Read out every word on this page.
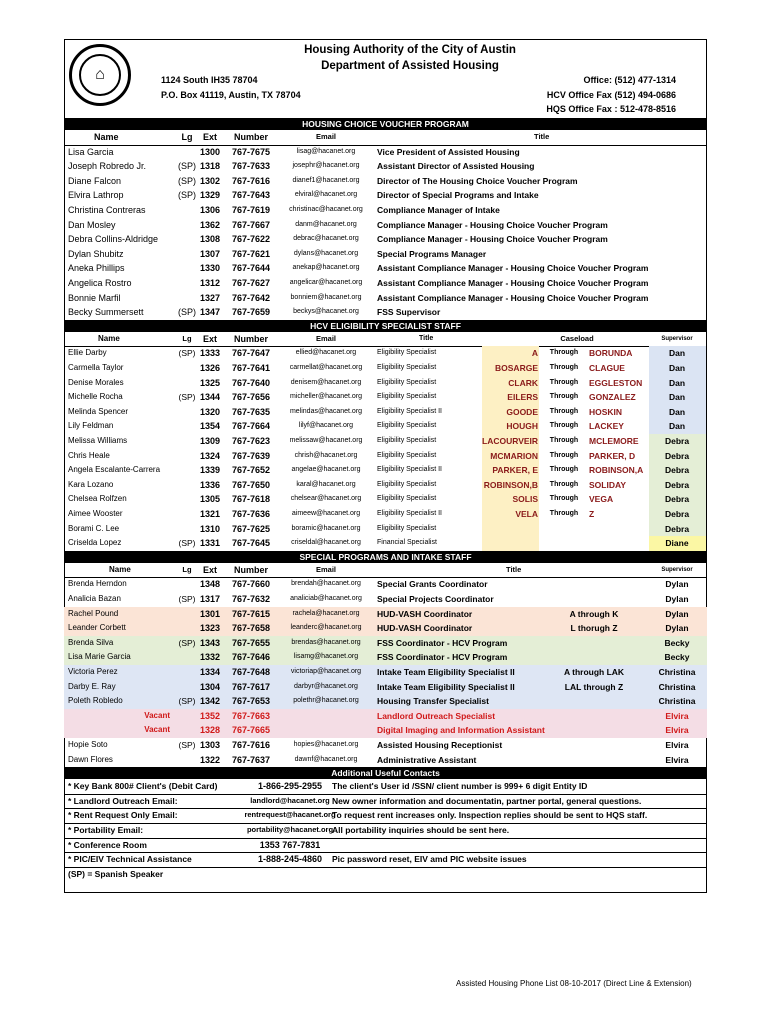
⌂
Housing Authority of the City of Austin
Department of Assisted Housing
1124 South IH35 78704
P.O. Box 41119, Austin, TX 78704
Office: (512) 477-1314
HCV Office Fax (512) 494-0686
HQS Office Fax : 512-478-8516
HOUSING CHOICE VOUCHER PROGRAM
Name	Lg	Ext	Number	Email	Title
Lisa Garcia	1300	767-7675	lisag@hacanet.org	Vice President of Assisted Housing
Joseph Robredo Jr.	(SP) 1318	767-7633	josephr@hacanet.org	Assistant Director of Assisted Housing
Diane Falcon	(SP) 1302	767-7616	dianef1@hacanet.org	Director of The Housing Choice Voucher Program
Elvira Lathrop	(SP) 1329	767-7643	elviral@hacanet.org	Director of Special Programs and Intake
Christina Contreras	1306	767-7619	christinac@hacanet.org	Compliance Manager of Intake
Dan Mosley	1362	767-7667	danm@hacanet.org	Compliance Manager - Housing Choice Voucher Program
Debra Collins-Aldridge	1308	767-7622	debrac@hacanet.org	Compliance Manager - Housing Choice Voucher Program
Dylan Shubitz	1307	767-7621	dylans@hacanet.org	Special Programs Manager
Aneka Phillips	1330	767-7644	anekap@hacanet.org	Assistant Compliance Manager - Housing Choice Voucher Program
Angelica Rostro	1312	767-7627	angelicar@hacanet.org	Assistant Compliance Manager - Housing Choice Voucher Program
Bonnie Marfil	1327	767-7642	bonniem@hacanet.org	Assistant Compliance Manager - Housing Choice Voucher Program
Becky Summersett	(SP) 1347	767-7659	beckys@hacanet.org	FSS Supervisor
HCV ELIGIBILITY SPECIALIST STAFF
Name	Lg	Ext	Number	Email	Title	Caseload	Supervisor
Ellie Darby	(SP) 1333	767-7647	ellied@hacanet.org	Eligibility Specialist	A	Through	BORUNDA	Dan
Carmella Taylor	1326	767-7641	carmellat@hacanet.org	Eligibility Specialist	BOSARGE	Through	CLAGUE	Dan
Denise Morales	1325	767-7640	denisem@hacanet.org	Eligibility Specialist	CLARK	Through	EGGLESTON	Dan
Michelle Rocha	(SP) 1344	767-7656	micheller@hacanet.org	Eligibility Specialist	EILERS	Through	GONZALEZ	Dan
Melinda Spencer	1320	767-7635	melindas@hacanet.org	Eligibility Specialist II	GOODE	Through	HOSKIN	Dan
Lily Feldman	1354	767-7664	lilyf@hacanet.org	Eligibility Specialist	HOUGH	Through	LACKEY	Dan
Melissa Williams	1309	767-7623	melissaw@hacanet.org	Eligibility Specialist	LACOURVEIR	Through	MCLEMORE	Debra
Chris Heale	1324	767-7639	chrish@hacanet.org	Eligibility Specialist	MCMARION	Through	PARKER, D	Debra
Angela Escalante-Carrera	1339	767-7652	angelae@hacanet.org	Eligibility Specialist II	PARKER, E	Through	ROBINSON,A	Debra
Kara Lozano	1336	767-7650	karal@hacanet.org	Eligibility Specialist	ROBINSON,B	Through	SOLIDAY	Debra
Chelsea Rolfzen	1305	767-7618	chelsear@hacanet.org	Eligibility Specialist	SOLIS	Through	VEGA	Debra
Aimee Wooster	1321	767-7636	aimeew@hacanet.org	Eligibility Specialist II	VELA	Through	Z	Debra
Borami C. Lee	1310	767-7625	boramic@hacanet.org	Eligibility Specialist	Debra
Criselda Lopez	(SP) 1331	767-7645	criseldal@hacanet.org	Financial Specialist	Diane
SPECIAL PROGRAMS AND INTAKE STAFF
Name	Lg	Ext	Number	Email	Title	Supervisor
Brenda Herndon	1348	767-7660	brendah@hacanet.org	Special Grants Coordinator	Dylan
Analicia Bazan	(SP) 1317	767-7632	analiciab@hacanet.org	Special Projects Coordinator	Dylan
Rachel Pound	1301	767-7615	rachela@hacanet.org	HUD-VASH Coordinator	A through K	Dylan
Leander Corbett	1323	767-7658	leanderc@hacanet.org	HUD-VASH Coordinator	L thorugh Z	Dylan
Brenda Silva	(SP) 1343	767-7655	brendas@hacanet.org	FSS Coordinator - HCV Program	Becky
Lisa Marie Garcia	1332	767-7646	lisamg@hacanet.org	FSS Coordinator - HCV Program	Becky
Victoria Perez	1334	767-7648	victoriap@hacanet.org	Intake Team Eligibility Specialist II	A through LAK	Christina
Darby E. Ray	1304	767-7617	darbyr@hacanet.org	Intake Team Eligibility Specialist II	LAL through Z	Christina
Poleth Robledo	(SP) 1342	767-7653	polethr@hacanet.org	Housing Transfer Specialist	Christina
Vacant	1352	767-7663	Landlord Outreach Specialist	Elvira
Vacant	1328	767-7665	Digital Imaging and Information Assistant	Elvira
Hopie Soto	(SP) 1303	767-7616	hopies@hacanet.org	Assisted Housing Receptionist	Elvira
Dawn Flores	1322	767-7637	dawnf@hacanet.org	Administrative Assistant	Elvira
Additional Useful Contacts
* Key Bank 800# Client's (Debit Card)	1-866-295-2955	The client's User id /SSN/ client number is 999+ 6 digit Entity ID
* Landlord Outreach Email:	landlord@hacanet.org New owner information and documentatin, partner portal, general questions.
* Rent Request Only Email:	rentrequest@hacanet.org
To request rent increases only. Inspection replies should be sent to HQS staff.
* Portability Email:	portability@hacanet.org
All portability inquiries should be sent here.
* Conference Room	1353 767-7831
* PIC/EIV Technical Assistance	1-888-245-4860	Pic password reset, EIV amd PIC website issues
(SP) = Spanish Speaker
Assisted Housing Phone List 08-10-2017 (Direct Line & Extension)
